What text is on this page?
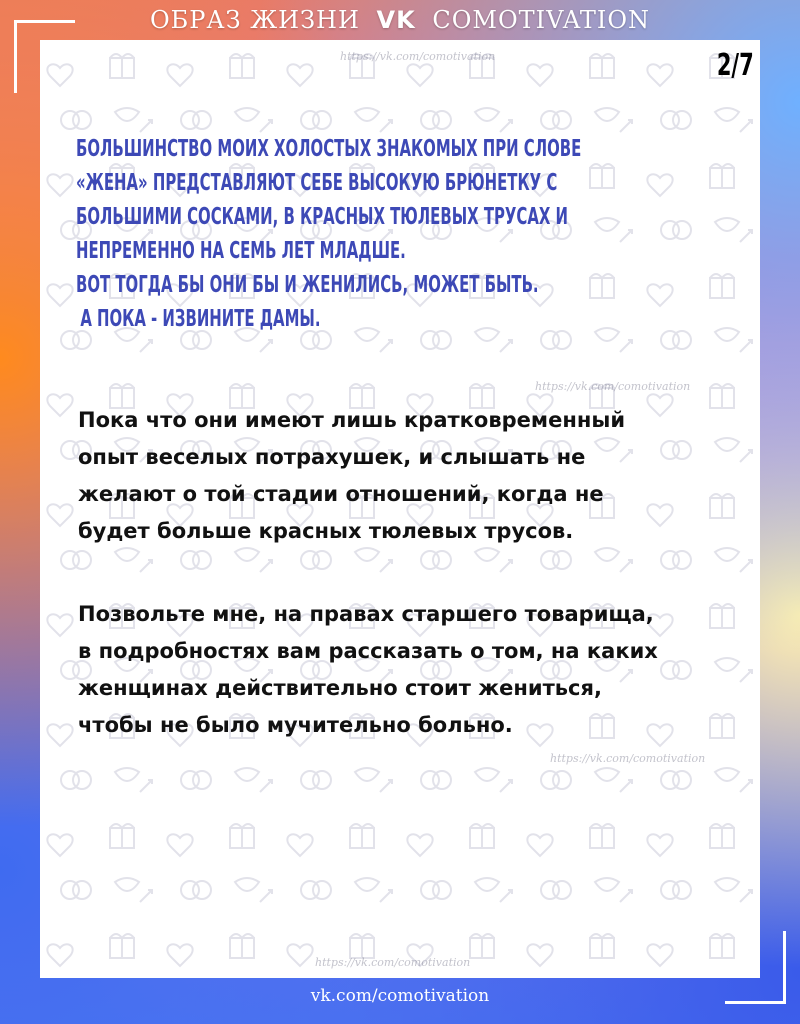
ОБРАЗ ЖИЗНИ VK COMOTIVATION
2/7
https://vk.com/comotivation
https://vk.com/comotivation
https://vk.com/comotivation
https://vk.com/comotivation

БОЛЬШИНСТВО МОИХ ХОЛОСТЫХ ЗНАКОМЫХ ПРИ СЛОВЕ
«ЖЕНА» ПРЕДСТАВЛЯЮТ СЕБЕ ВЫСОКУЮ БРЮНЕТКУ С
БОЛЬШИМИ СОСКАМИ, В КРАСНЫХ ТЮЛЕВЫХ ТРУСАХ И
НЕПРЕМЕННО НА СЕМЬ ЛЕТ МЛАДШЕ.
ВОТ ТОГДА БЫ ОНИ БЫ И ЖЕНИЛИСЬ, МОЖЕТ БЫТЬ.
А ПОКА - ИЗВИНИТЕ ДАМЫ.

Пока что они имеют лишь кратковременный
опыт веселых потрахушек, и слышать не
желают о той стадии отношений, когда не
будет больше красных тюлевых трусов.

Позвольте мне, на правах старшего товарища,
в подробностях вам рассказать о том, на каких
женщинах действительно стоит жениться,
чтобы не было мучительно больно.

vk.com/comotivation
